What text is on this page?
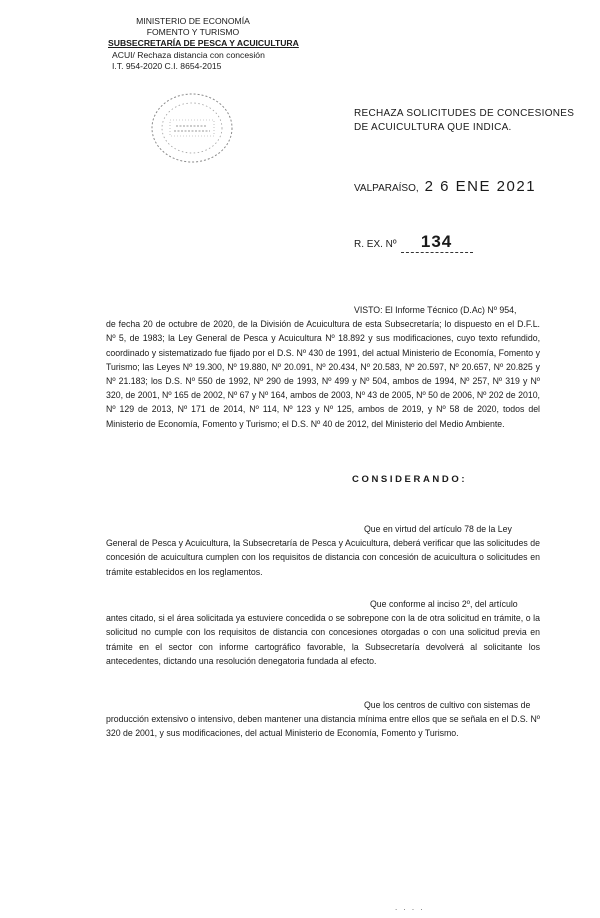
MINISTERIO DE ECONOMÍA
FOMENTO Y TURISMO
SUBSECRETARÍA DE PESCA Y ACUICULTURA
ACUI/ Rechaza distancia con concesión
I.T. 954-2020 C.I. 8654-2015
RECHAZA SOLICITUDES DE CONCESIONES
DE ACUICULTURA QUE INDICA.
VALPARAÍSO, 2 6 ENE 2021
R. EX. Nº 134
VISTO: El Informe Técnico (D.Ac) Nº 954,
de fecha 20 de octubre de 2020, de la División de Acuicultura de esta Subsecretaría; lo dispuesto en el D.F.L. Nº 5, de 1983; la Ley General de Pesca y Acuicultura Nº 18.892 y sus modificaciones, cuyo texto refundido, coordinado y sistematizado fue fijado por el D.S. Nº 430 de 1991, del actual Ministerio de Economía, Fomento y Turismo; las Leyes Nº 19.300, Nº 19.880, Nº 20.091, Nº 20.434, Nº 20.583, Nº 20.597, Nº 20.657, Nº 20.825 y Nº 21.183; los D.S. Nº 550 de 1992, Nº 290 de 1993, Nº 499 y Nº 504, ambos de 1994, Nº 257, Nº 319 y Nº 320, de 2001, Nº 165 de 2002, Nº 67 y Nº 164, ambos de 2003, Nº 43 de 2005, Nº 50 de 2006, Nº 202 de 2010, Nº 129 de 2013, Nº 171 de 2014, Nº 114, Nº 123 y Nº 125, ambos de 2019, y Nº 58 de 2020, todos del Ministerio de Economía, Fomento y Turismo; el D.S. Nº 40 de 2012, del Ministerio del Medio Ambiente.
CONSIDERANDO:
Que en virtud del artículo 78 de la Ley
General de Pesca y Acuicultura, la Subsecretaría de Pesca y Acuicultura, deberá verificar que las solicitudes de concesión de acuicultura cumplen con los requisitos de distancia con concesión de acuicultura o solicitudes en trámite establecidos en los reglamentos.
Que conforme al inciso 2º, del artículo
antes citado, si el área solicitada ya estuviere concedida o se sobrepone con la de otra solicitud en trámite, o la solicitud no cumple con los requisitos de distancia con concesiones otorgadas o con una solicitud previa en trámite en el sector con informe cartográfico favorable, la Subsecretaría devolverá al solicitante los antecedentes, dictando una resolución denegatoria fundada al efecto.
Que los centros de cultivo con sistemas de
producción extensivo o intensivo, deben mantener una distancia mínima entre ellos que se señala en el D.S. Nº 320 de 2001, y sus modificaciones, del actual Ministerio de Economía, Fomento y Turismo.
. . . .
